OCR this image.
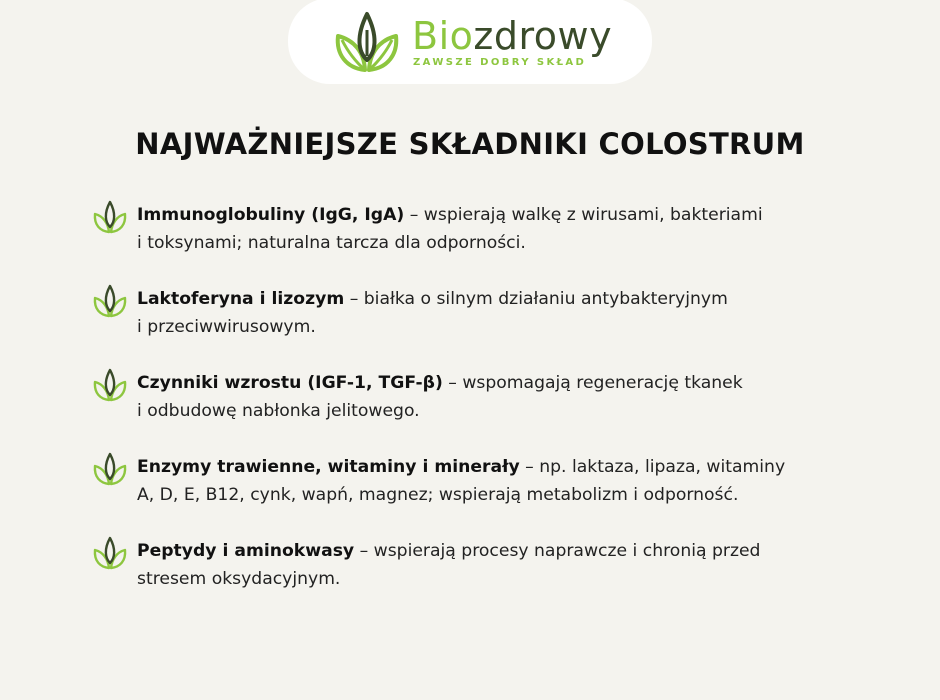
Biozdrowy
ZAWSZE DOBRY SKŁAD
NAJWAŻNIEJSZE SKŁADNIKI COLOSTRUM
Immunoglobuliny (IgG, IgA) – wspierają walkę z wirusami, bakteriami
i toksynami; naturalna tarcza dla odporności.
Laktoferyna i lizozym – białka o silnym działaniu antybakteryjnym
i przeciwwirusowym.
Czynniki wzrostu (IGF-1, TGF-β) – wspomagają regenerację tkanek
i odbudowę nabłonka jelitowego.
Enzymy trawienne, witaminy i minerały – np. laktaza, lipaza, witaminy
A, D, E, B12, cynk, wapń, magnez; wspierają metabolizm i odporność.
Peptydy i aminokwasy – wspierają procesy naprawcze i chronią przed
stresem oksydacyjnym.
